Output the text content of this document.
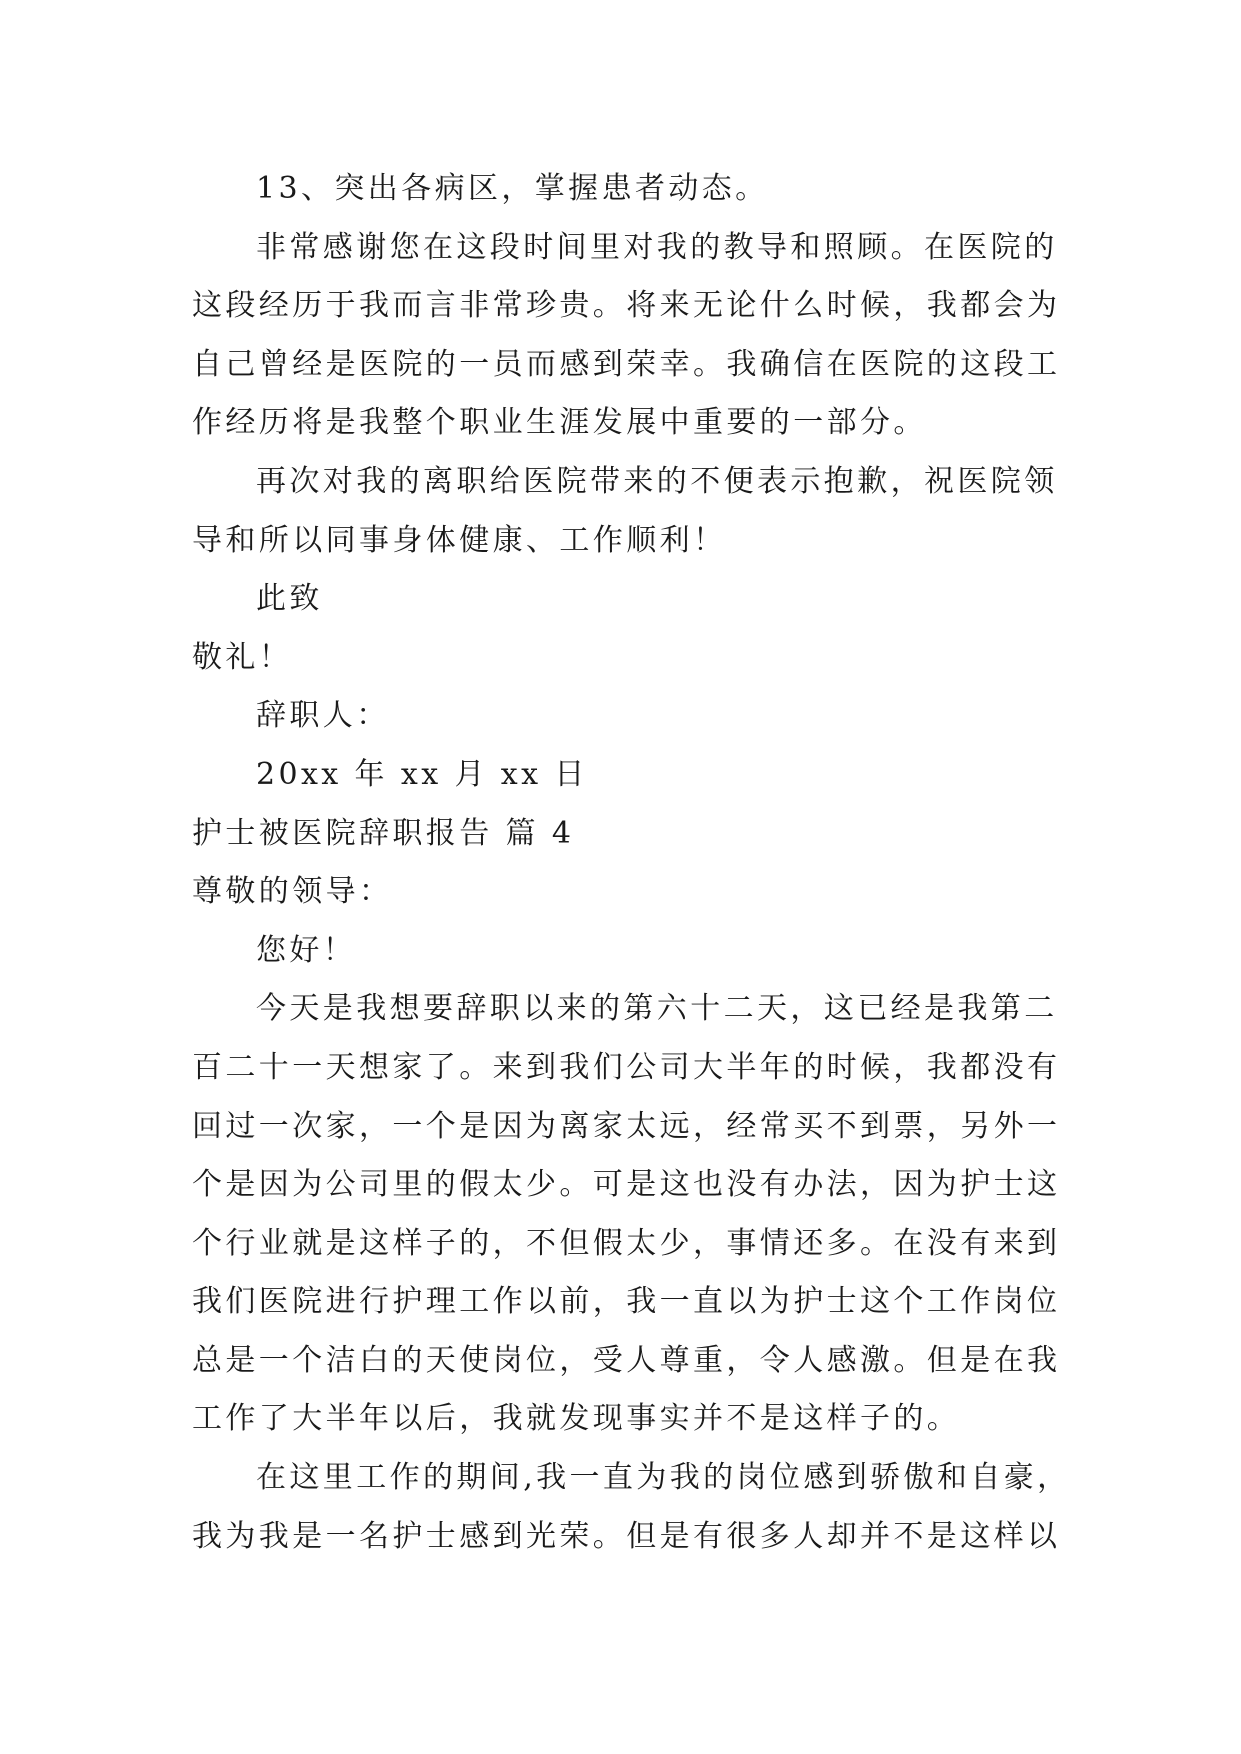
13、突出各病区，掌握患者动态。
非常感谢您在这段时间里对我的教导和照顾。在医院的
这段经历于我而言非常珍贵。将来无论什么时候，我都会为
自己曾经是医院的一员而感到荣幸。我确信在医院的这段工
作经历将是我整个职业生涯发展中重要的一部分。
再次对我的离职给医院带来的不便表示抱歉，祝医院领
导和所以同事身体健康、工作顺利！
此致
敬礼！
辞职人：
20xx 年 xx 月 xx 日
护士被医院辞职报告 篇 4
尊敬的领导：
您好！
今天是我想要辞职以来的第六十二天，这已经是我第二
百二十一天想家了。来到我们公司大半年的时候，我都没有
回过一次家，一个是因为离家太远，经常买不到票，另外一
个是因为公司里的假太少。可是这也没有办法，因为护士这
个行业就是这样子的，不但假太少，事情还多。在没有来到
我们医院进行护理工作以前，我一直以为护士这个工作岗位
总是一个洁白的天使岗位，受人尊重，令人感激。但是在我
工作了大半年以后，我就发现事实并不是这样子的。
在这里工作的期间,我一直为我的岗位感到骄傲和自豪，
我为我是一名护士感到光荣。但是有很多人却并不是这样以
